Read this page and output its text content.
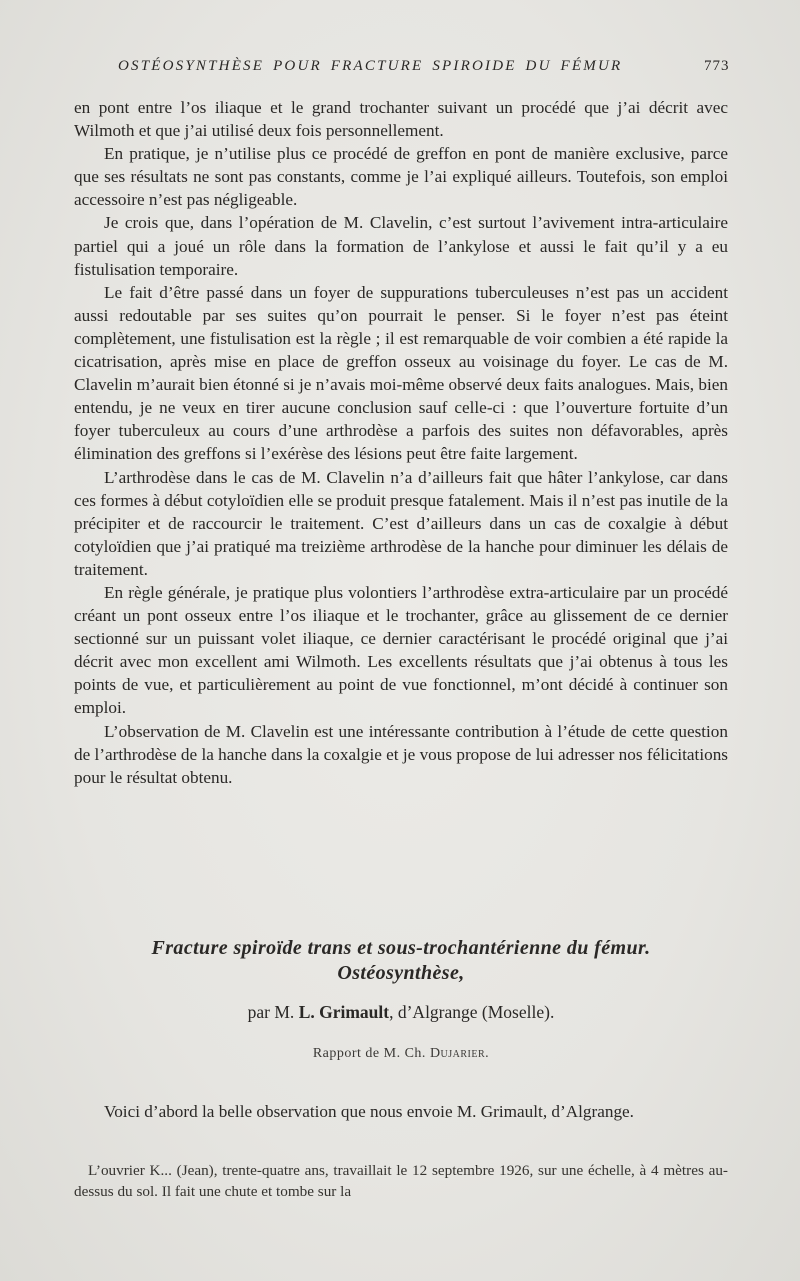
OSTÉOSYNTHÈSE POUR FRACTURE SPIROIDE DU FÉMUR	773

en pont entre l’os iliaque et le grand trochanter suivant un procédé que j’ai décrit avec Wilmoth et que j’ai utilisé deux fois personnellement.

En pratique, je n’utilise plus ce procédé de greffon en pont de manière exclusive, parce que ses résultats ne sont pas constants, comme je l’ai expliqué ailleurs. Toutefois, son emploi accessoire n’est pas négligeable.

Je crois que, dans l’opération de M. Clavelin, c’est surtout l’avivement intra-articulaire partiel qui a joué un rôle dans la formation de l’ankylose et aussi le fait qu’il y a eu fistulisation temporaire.

Le fait d’être passé dans un foyer de suppurations tuberculeuses n’est pas un accident aussi redoutable par ses suites qu’on pourrait le penser. Si le foyer n’est pas éteint complètement, une fistulisation est la règle ; il est remarquable de voir combien a été rapide la cicatrisation, après mise en place de greffon osseux au voisinage du foyer. Le cas de M. Clavelin m’aurait bien étonné si je n’avais moi-même observé deux faits analogues. Mais, bien entendu, je ne veux en tirer aucune conclusion sauf celle-ci : que l’ouverture fortuite d’un foyer tuberculeux au cours d’une arthrodèse a parfois des suites non défavorables, après élimination des greffons si l’exérèse des lésions peut être faite largement.

L’arthrodèse dans le cas de M. Clavelin n’a d’ailleurs fait que hâter l’ankylose, car dans ces formes à début cotyloïdien elle se produit presque fatalement. Mais il n’est pas inutile de la précipiter et de raccourcir le traitement. C’est d’ailleurs dans un cas de coxalgie à début cotyloïdien que j’ai pratiqué ma treizième arthrodèse de la hanche pour diminuer les délais de traitement.

En règle générale, je pratique plus volontiers l’arthrodèse extra-articulaire par un procédé créant un pont osseux entre l’os iliaque et le trochanter, grâce au glissement de ce dernier sectionné sur un puissant volet iliaque, ce dernier caractérisant le procédé original que j’ai décrit avec mon excellent ami Wilmoth. Les excellents résultats que j’ai obtenus à tous les points de vue, et particulièrement au point de vue fonctionnel, m’ont décidé à continuer son emploi.

L’observation de M. Clavelin est une intéressante contribution à l’étude de cette question de l’arthrodèse de la hanche dans la coxalgie et je vous propose de lui adresser nos félicitations pour le résultat obtenu.

Fracture spiroïde trans et sous-trochantérienne du fémur.
Ostéosynthèse,
par M. L. Grimault, d’Algrange (Moselle).
Rapport de M. Ch. Dujarier.

Voici d’abord la belle observation que nous envoie M. Grimault, d’Algrange.

L’ouvrier K... (Jean), trente-quatre ans, travaillait le 12 septembre 1926, sur une échelle, à 4 mètres au-dessus du sol. Il fait une chute et tombe sur la
